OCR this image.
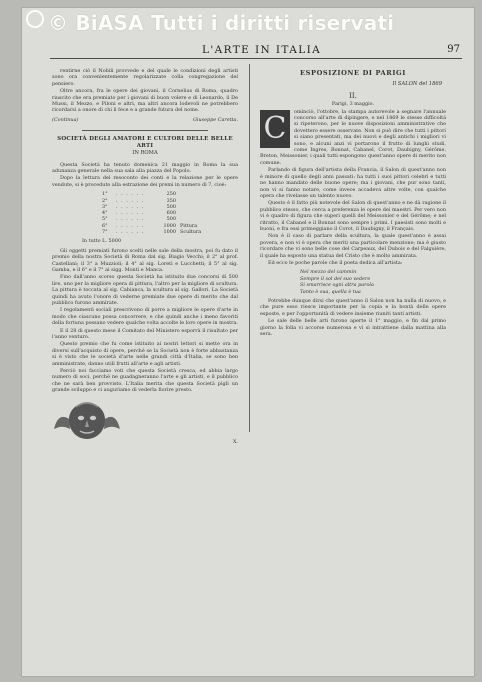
© BiASA Tutti i diritti riservati
L'ARTE IN ITALIA	97

rentirne ciò il Nobili provvede e del quale le condizioni degli artisti sono ora convenientemente regolarizzate colla congregazione del pensiero.

Oltre ancora, fra le opere dei giovani, il Cornelius di Roma, quadro riuscito che era premiato per i giovani di buon volere e di Leonardo, il De Mussi, il Mezzo, e Piloni e altri, ma altri ancora lodevoli ne potrebbero ricordarsi a onore di chi li fece e a grande futura del nome.

(Continua)	Giuseppe Caretta.
SOCIETÀ DEGLI AMATORI E CULTORI DELLE BELLE ARTI
IN ROMA

Questa Società ha tenuto domenica 21 maggio in Roma la sua adunanza generale nella sua sala alla piazza del Popolo.

Dopo la lettura del resoconto dei conti e la relazione per le opere vendute, si è proceduto alla estrazione dei premi in numero di 7, cioè:

1°	. . . . . .	250
2°	. . . . . .	350
3°	. . . . . .	500
4°	. . . . . .	600
5°	. . . . . .	500
6°	. . . . . .	1000 Pittura
7°	. . . . . .	1000 Scultura
In tutto L. 5000

Gli oggetti premiati furono scelti nelle sale della mostra, poi fu dato il premio della nostra Società di Roma dal sig. Biagio Vecchi; il 2° al prof. Castellani; il 3° a Muzzioli; il 4° al sig. Loreti e Lucchetti; il 5° al sig. Gamba, e il 6° e il 7° ai sigg. Monti e Manca.

Fino dall'anno scorso questa Società ha istituito due concorsi di 500 lire, uno per la migliore opera di pittura, l'altro per la migliore di scultura. La pittura è toccata al sig. Cabianca, la scultura al sig. Gallori. La Società quindi ha avuto l'onore di vederne premiate due opere di merito che dal pubblico furono ammirate.

I regolamenti sociali prescrivono di porre a migliore le opere d'arte in modo che ciascuno possa concorrere, e che quindi anche i meno favoriti della fortuna possano vedere qualche volta accolte le loro opere in mostra.

E il 28 di questo mese il Comitato del Ministero esporrà il risultato per l'anno venturo.

Questo premio che fu come istituito ai nostri lettori si mette ora in diversi sull'acquisto di opere, perché se la Società non è forte abbastanza si è visto che le società d'arte nelle grandi città d'Italia, se sono ben amministrate, danno utili frutti all'arte e agli artisti.

Perciò noi facciamo voti che questa Società cresca, ed abbia largo numero di soci, perché ne guadagneranno l'arte e gli artisti, e il pubblico che ne sarà ben provvisto. L'Italia merita che questa Società pigli un grande sviluppo e ci auguriamo di vederla fiorire presto.

X.
ESPOSIZIONE DI PARIGI
Il SALON del 1869
II.
Parigi, 3 maggio.
C	ominciò, l'ottobre, la stampa autorevole a segnare l'annuale concorso all'arte di dipingere, e nel 1869 le stesse difficoltà si ripeterono, per le nuove disposizioni amministrative che dovettero essere osservate. Non si può dire che tutti i pittori si siano presentati, ma dei nuovi e degli antichi i migliori vi sono, e alcuni anzi vi portarono il frutto di lunghi studi, come Ingres, Bonnat, Cabanel, Corot, Daubigny, Gérôme, Breton, Meissonier, i quali tutti espongono quest'anno opere di merito non comune.

Parlando di figura dell'artista della Francia, il Salon di quest'anno non è minore di quello degli anni passati: ha tutti i suoi pittori celebri e tutti ne hanno mandato delle buone opere; ma i giovani, che pur sono tanti, non vi si fanno notare, come invece accadeva altre volte, con qualche opera che rivelasse un talento nuovo.

Questo è il fatto più notevole del Salon di quest'anno e ne dà ragione il pubblico stesso, che cerca a preferenza le opere dei maestri. Per vero non vi è quadro di figura che superi quelli del Meissonier e del Gérôme; e nel ritratto, il Cabanel e il Bonnat sono sempre i primi. I paesisti sono molti e buoni, e fra essi primeggiano il Corot, il Daubigny, il Français.

Non è il caso di parlare della scultura, la quale quest'anno è assai povera, e non vi è opera che meriti una particolare menzione; ma è giusto ricordare che vi sono belle cose del Carpeaux, del Dubois e del Falguière, il quale ha esposto una statua del Cristo che è molto ammirata.

Ed ecco le poche parole che il poeta dedica all'artista:

Nel mezzo del cammin
Sempre il sol del suo vedere
Si smarrisce ogni altra parola
Tanto è sua, quella è tua

Potrebbe dunque dirsi che quest'anno il Salon non ha nulla di nuovo, e che pure esso riesce importante per la copia e la bontà delle opere esposte, e per l'opportunità di vedere insieme riuniti tanti artisti.

Le sale delle belle arti furono aperte il 1° maggio, e fin dal primo giorno la folla vi accorse numerosa e vi si intrattiene dalla mattina alla sera.
